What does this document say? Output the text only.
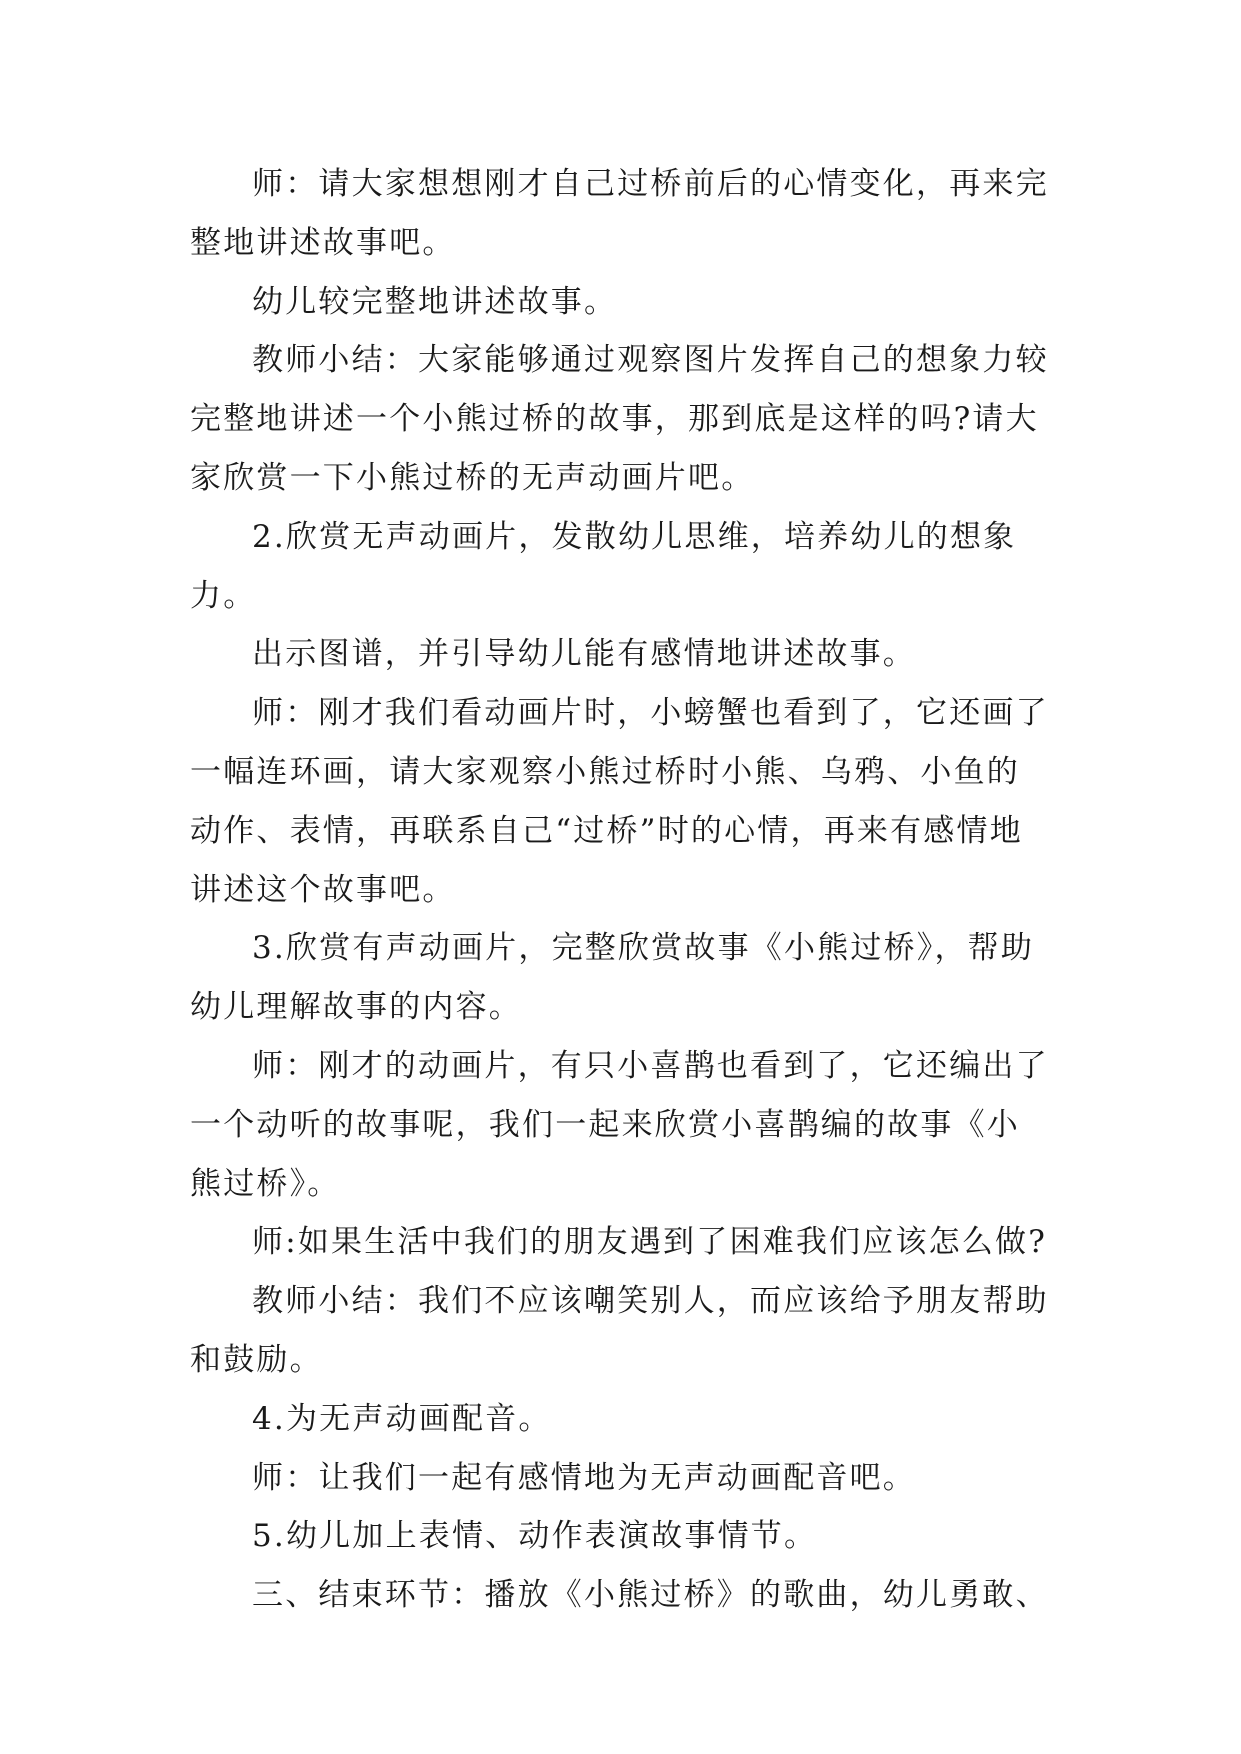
师：请大家想想刚才自己过桥前后的心情变化，再来完整地讲述故事吧。

幼儿较完整地讲述故事。

教师小结：大家能够通过观察图片发挥自己的想象力较完整地讲述一个小熊过桥的故事，那到底是这样的吗?请大家欣赏一下小熊过桥的无声动画片吧。

2.欣赏无声动画片，发散幼儿思维，培养幼儿的想象力。

出示图谱，并引导幼儿能有感情地讲述故事。

师：刚才我们看动画片时，小螃蟹也看到了，它还画了一幅连环画，请大家观察小熊过桥时小熊、乌鸦、小鱼的动作、表情，再联系自己“过桥”时的心情，再来有感情地讲述这个故事吧。

3.欣赏有声动画片，完整欣赏故事《小熊过桥》，帮助幼儿理解故事的内容。

师：刚才的动画片，有只小喜鹊也看到了，它还编出了一个动听的故事呢，我们一起来欣赏小喜鹊编的故事《小熊过桥》。

师:如果生活中我们的朋友遇到了困难我们应该怎么做?

教师小结：我们不应该嘲笑别人，而应该给予朋友帮助和鼓励。

4.为无声动画配音。

师：让我们一起有感情地为无声动画配音吧。

5.幼儿加上表情、动作表演故事情节。

三、结束环节：播放《小熊过桥》的歌曲，幼儿勇敢、
